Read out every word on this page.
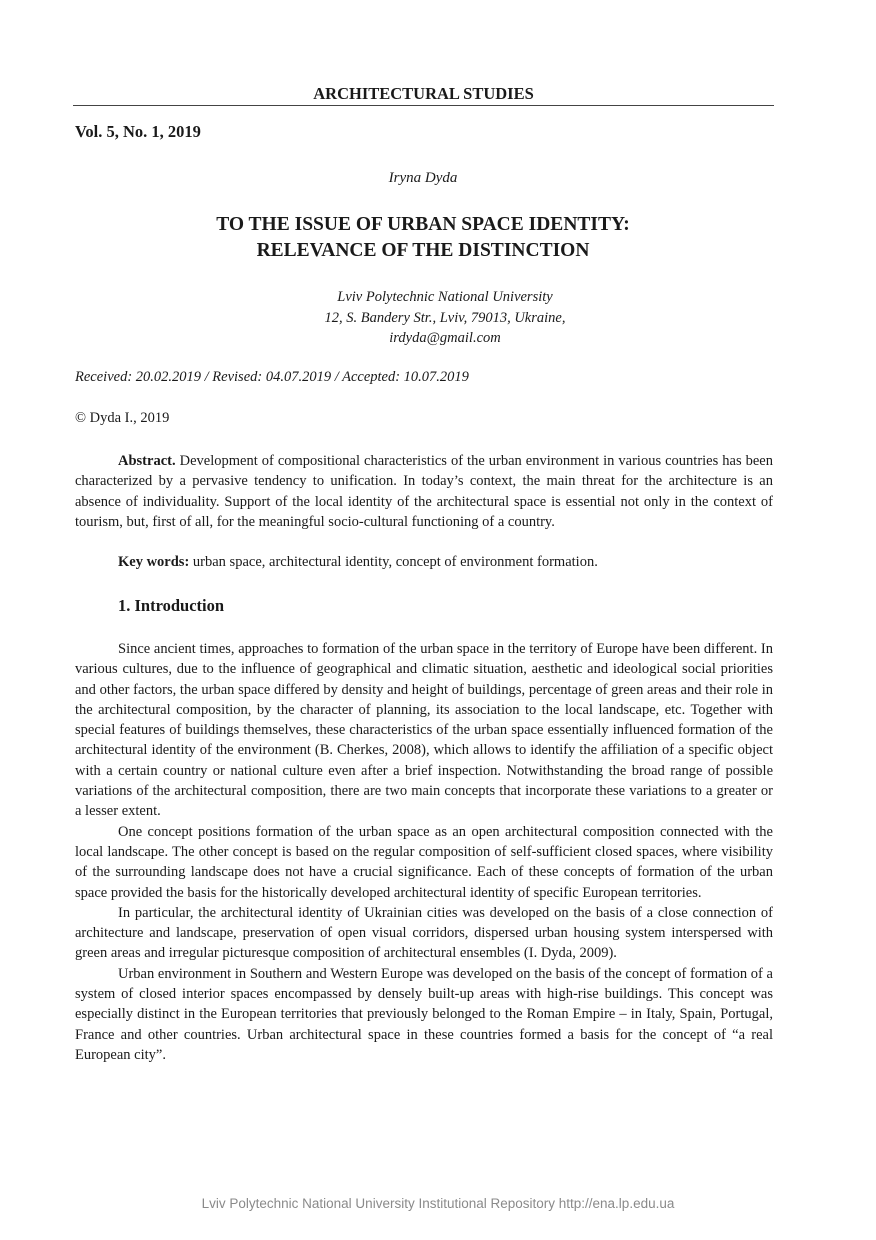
ARCHITECTURAL STUDIES
Vol. 5, No. 1, 2019
Iryna Dyda
TO THE ISSUE OF URBAN SPACE IDENTITY:
RELEVANCE OF THE DISTINCTION
Lviv Polytechnic National University
12, S. Bandery Str., Lviv, 79013, Ukraine,
irdyda@gmail.com
Received: 20.02.2019 / Revised: 04.07.2019 / Accepted: 10.07.2019
© Dyda I., 2019

Abstract. Development of compositional characteristics of the urban environment in various countries has been characterized by a pervasive tendency to unification. In today’s context, the main threat for the architecture is an absence of individuality. Support of the local identity of the architectural space is essential not only in the context of tourism, but, first of all, for the meaningful socio-cultural functioning of a country.

Key words: urban space, architectural identity, concept of environment formation.

1. Introduction

Since ancient times, approaches to formation of the urban space in the territory of Europe have been different. In various cultures, due to the influence of geographical and climatic situation, aesthetic and ideological social priorities and other factors, the urban space differed by density and height of buildings, percentage of green areas and their role in the architectural composition, by the character of planning, its association to the local landscape, etc. Together with special features of buildings themselves, these characteristics of the urban space essentially influenced formation of the architectural identity of the environment (B. Cherkes, 2008), which allows to identify the affiliation of a specific object with a certain country or national culture even after a brief inspection. Notwithstanding the broad range of possible variations of the architectural composition, there are two main concepts that incorporate these variations to a greater or a lesser extent.

One concept positions formation of the urban space as an open architectural composition connected with the local landscape. The other concept is based on the regular composition of self-sufficient closed spaces, where visibility of the surrounding landscape does not have a crucial significance. Each of these concepts of formation of the urban space provided the basis for the historically developed architectural identity of specific European territories.

In particular, the architectural identity of Ukrainian cities was developed on the basis of a close connection of architecture and landscape, preservation of open visual corridors, dispersed urban housing system interspersed with green areas and irregular picturesque composition of architectural ensembles (I. Dyda, 2009).

Urban environment in Southern and Western Europe was developed on the basis of the concept of formation of a system of closed interior spaces encompassed by densely built-up areas with high-rise buildings. This concept was especially distinct in the European territories that previously belonged to the Roman Empire – in Italy, Spain, Portugal, France and other countries. Urban architectural space in these countries formed a basis for the concept of “a real European city”.

Lviv Polytechnic National University Institutional Repository http://ena.lp.edu.ua
